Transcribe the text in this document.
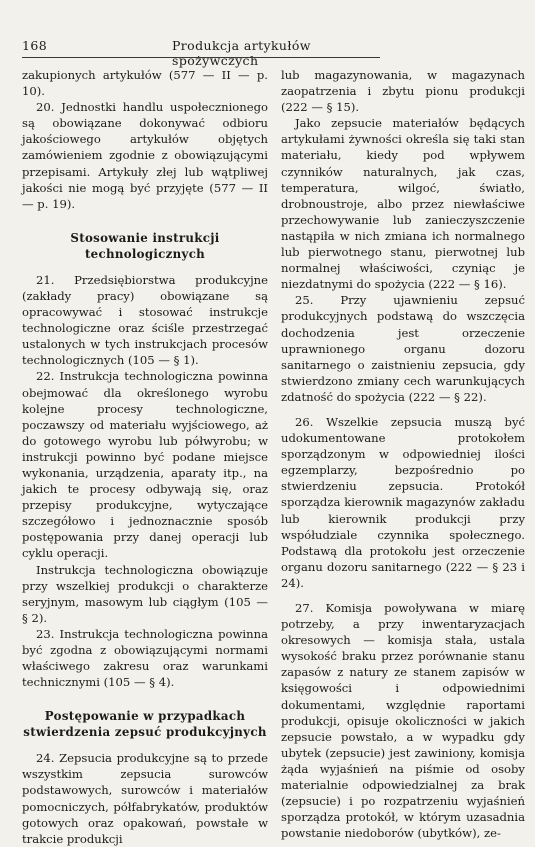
168	Produkcja artykułów spożywczych

zakupionych artykułów (577 — II — p. 10).

20. Jednostki handlu uspołecznionego są obowiązane dokonywać odbioru jakościowego artykułów objętych zamówieniem zgodnie z obowiązującymi przepisami. Artykuły złej lub wątpliwej jakości nie mogą być przyjęte (577 — II — p. 19).

Stosowanie instrukcji technologicznych

21. Przedsiębiorstwa produkcyjne (zakłady pracy) obowiązane są opracowywać i stosować instrukcje technologiczne oraz ściśle przestrzegać ustalonych w tych instrukcjach procesów technologicznych (105 — § 1).

22. Instrukcja technologiczna powinna obejmować dla określonego wyrobu kolejne procesy technologiczne, poczawszy od materiału wyjściowego, aż do gotowego wyrobu lub półwyrobu; w instrukcji powinno być podane miejsce wykonania, urządzenia, aparaty itp., na jakich te procesy odbywają się, oraz przepisy produkcyjne, wytyczające szczegółowo i jednoznacznie sposób postępowania przy danej operacji lub cyklu operacji.

Instrukcja technologiczna obowiązuje przy wszelkiej produkcji o charakterze seryjnym, masowym lub ciągłym (105 — § 2).

23. Instrukcja technologiczna powinna być zgodna z obowiązującymi normami właściwego zakresu oraz warunkami technicznymi (105 — § 4).

Postępowanie w przypadkach stwierdzenia zepsuć produkcyjnych

24. Zepsucia produkcyjne są to przede wszystkim zepsucia surowców podstawowych, surowców i materiałów pomocniczych, półfabrykatów, produktów gotowych oraz opakowań, powstałe w trakcie produkcji

lub magazynowania, w magazynach zaopatrzenia i zbytu pionu produkcji (222 — § 15).

Jako zepsucie materiałów będących artykułami żywności określa się taki stan materiału, kiedy pod wpływem czynników naturalnych, jak czas, temperatura, wilgoć, światło, drobnoustroje, albo przez niewłaściwe przechowywanie lub zanieczyszczenie nastąpiła w nich zmiana ich normalnego lub pierwotnego stanu, pierwotnej lub normalnej właściwości, czyniąc je niezdatnymi do spożycia (222 — § 16).

25. Przy ujawnieniu zepsuć produkcyjnych podstawą do wszczęcia dochodzenia jest orzeczenie uprawnionego organu dozoru sanitarnego o zaistnieniu zepsucia, gdy stwierdzono zmiany cech warunkujących zdatność do spożycia (222 — § 22).

26. Wszelkie zepsucia muszą być udokumentowane protokołem sporządzonym w odpowiedniej ilości egzemplarzy, bezpośrednio po stwierdzeniu zepsucia. Protokół sporządza kierownik magazynów zakładu lub kierownik produkcji przy współudziale czynnika społecznego. Podstawą dla protokołu jest orzeczenie organu dozoru sanitarnego (222 — § 23 i 24).

27. Komisja powoływana w miarę potrzeby, a przy inwentaryzacjach okresowych — komisja stała, ustala wysokość braku przez porównanie stanu zapasów z natury ze stanem zapisów w księgowości i odpowiednimi dokumentami, względnie raportami produkcji, opisuje okoliczności w jakich zepsucie powstało, a w wypadku gdy ubytek (zepsucie) jest zawiniony, komisja żąda wyjaśnień na piśmie od osoby materialnie odpowiedzialnej za brak (zepsucie) i po rozpatrzeniu wyjaśnień sporządza protokół, w którym uzasadnia powstanie niedoborów (ubytków), ze-
